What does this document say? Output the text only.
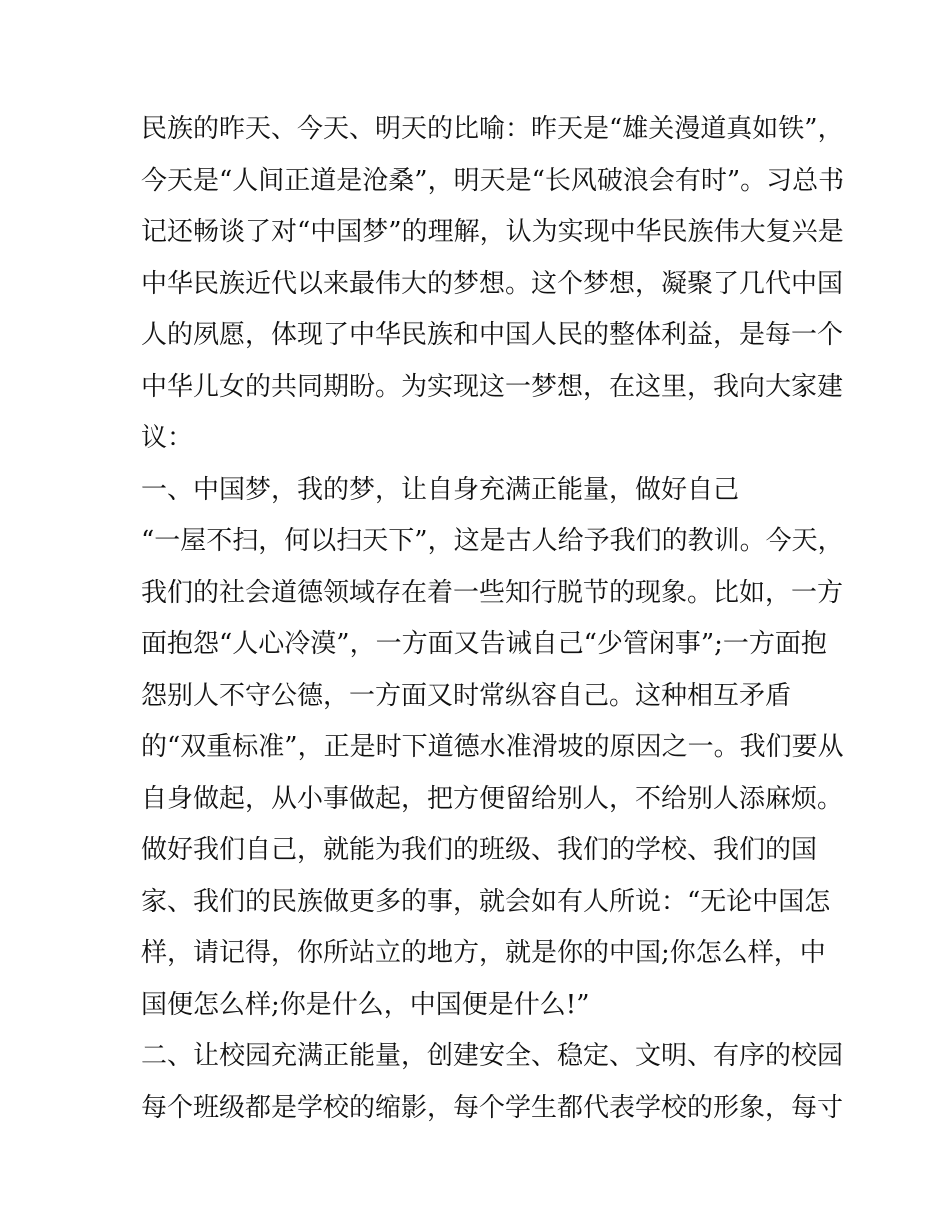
民族的昨天、今天、明天的比喻：昨天是“雄关漫道真如铁”，
今天是“人间正道是沧桑”，明天是“长风破浪会有时”。习总书
记还畅谈了对“中国梦”的理解，认为实现中华民族伟大复兴是
中华民族近代以来最伟大的梦想。这个梦想，凝聚了几代中国
人的夙愿，体现了中华民族和中国人民的整体利益，是每一个
中华儿女的共同期盼。为实现这一梦想，在这里，我向大家建
议：
一、中国梦，我的梦，让自身充满正能量，做好自己
“一屋不扫，何以扫天下”，这是古人给予我们的教训。今天，
我们的社会道德领域存在着一些知行脱节的现象。比如，一方
面抱怨“人心冷漠”，一方面又告诫自己“少管闲事”;一方面抱
怨别人不守公德，一方面又时常纵容自己。这种相互矛盾
的“双重标准”，正是时下道德水准滑坡的原因之一。我们要从
自身做起，从小事做起，把方便留给别人，不给别人添麻烦。
做好我们自己，就能为我们的班级、我们的学校、我们的国
家、我们的民族做更多的事，就会如有人所说：“无论中国怎
样，请记得，你所站立的地方，就是你的中国;你怎么样，中
国便怎么样;你是什么，中国便是什么!”
二、让校园充满正能量，创建安全、稳定、文明、有序的校园
每个班级都是学校的缩影，每个学生都代表学校的形象，每寸
